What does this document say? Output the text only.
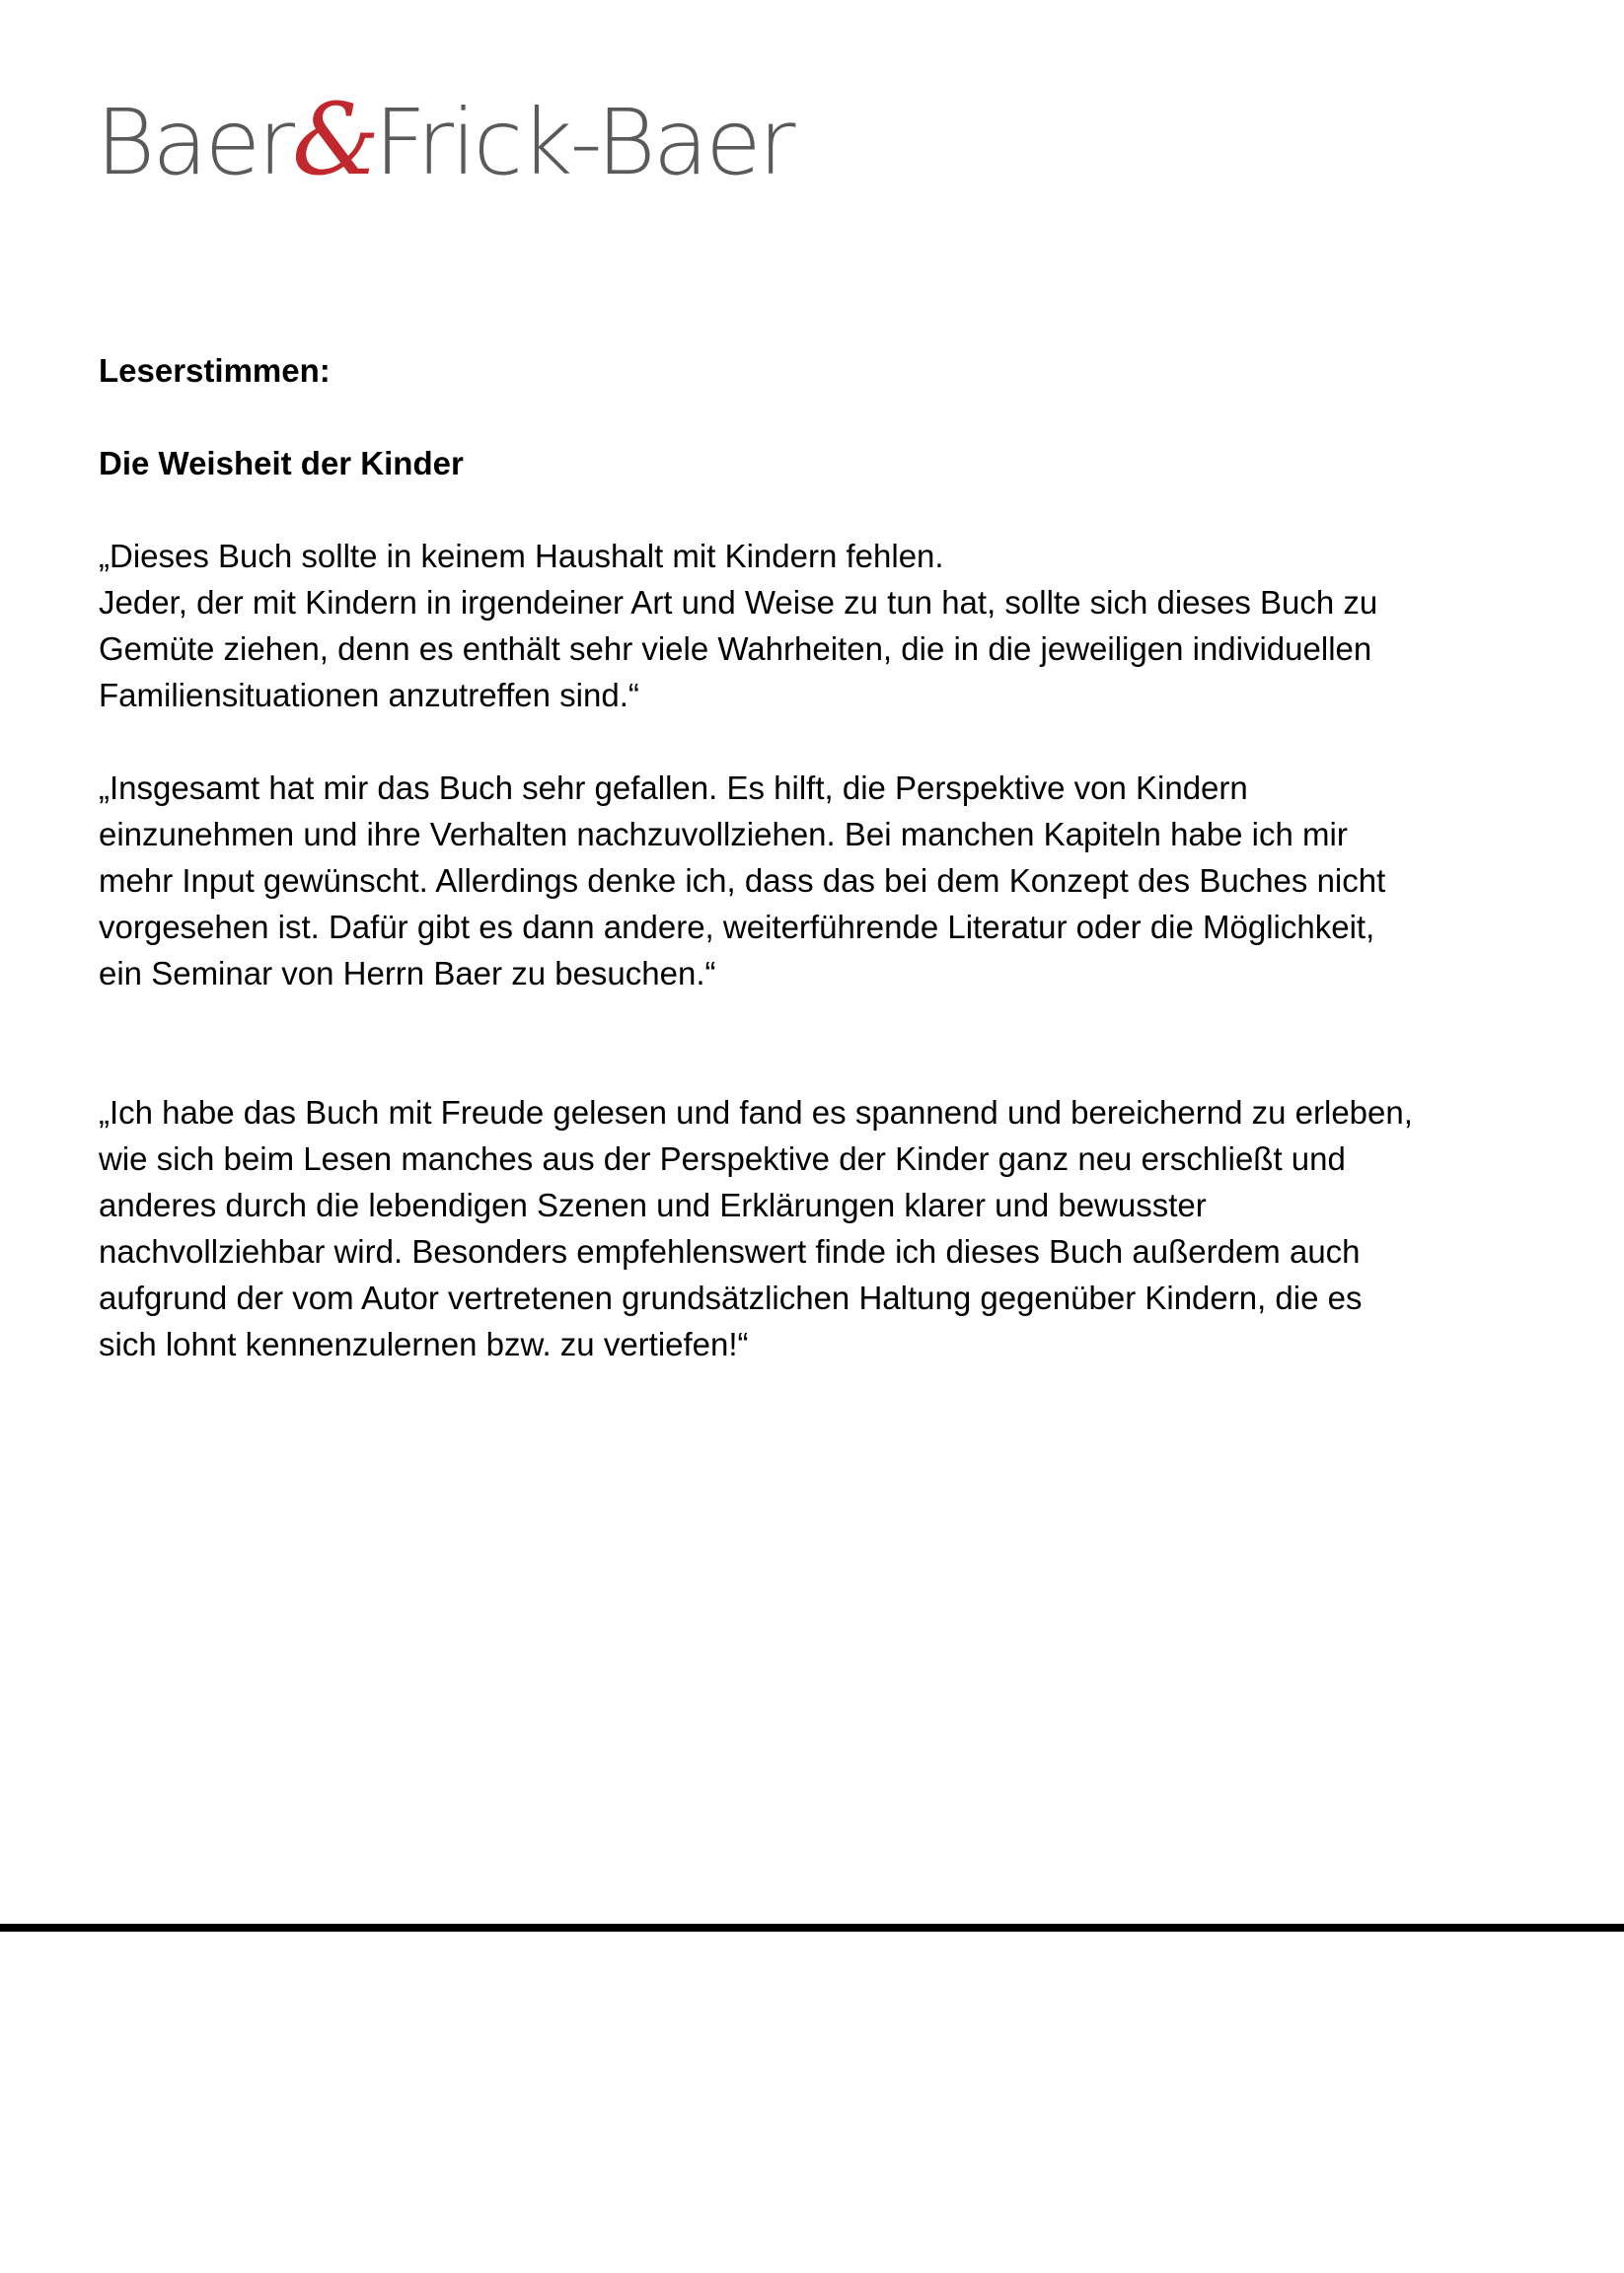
Baer&Frick-Baer

Leserstimmen:

Die Weisheit der Kinder

„Dieses Buch sollte in keinem Haushalt mit Kindern fehlen.
Jeder, der mit Kindern in irgendeiner Art und Weise zu tun hat, sollte sich dieses Buch zu
Gemüte ziehen, denn es enthält sehr viele Wahrheiten, die in die jeweiligen individuellen
Familiensituationen anzutreffen sind.“
„Insgesamt hat mir das Buch sehr gefallen. Es hilft, die Perspektive von Kindern
einzunehmen und ihre Verhalten nachzuvollziehen. Bei manchen Kapiteln habe ich mir
mehr Input gewünscht. Allerdings denke ich, dass das bei dem Konzept des Buches nicht
vorgesehen ist. Dafür gibt es dann andere, weiterführende Literatur oder die Möglichkeit,
ein Seminar von Herrn Baer zu besuchen.“
„Ich habe das Buch mit Freude gelesen und fand es spannend und bereichernd zu erleben,
wie sich beim Lesen manches aus der Perspektive der Kinder ganz neu erschließt und
anderes durch die lebendigen Szenen und Erklärungen klarer und bewusster
nachvollziehbar wird. Besonders empfehlenswert finde ich dieses Buch außerdem auch
aufgrund der vom Autor vertretenen grundsätzlichen Haltung gegenüber Kindern, die es
sich lohnt kennenzulernen bzw. zu vertiefen!“
